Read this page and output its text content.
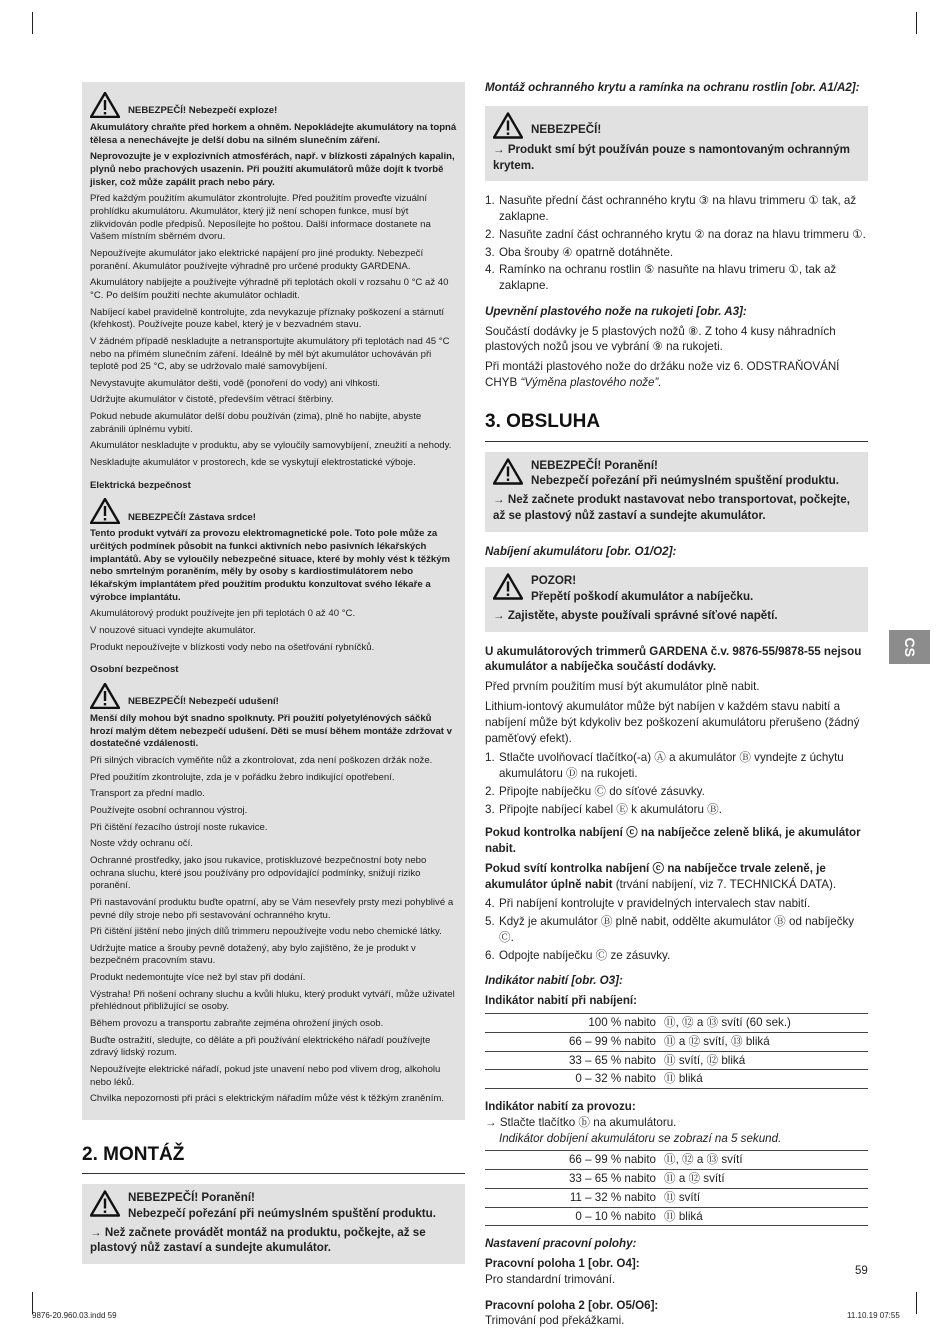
NEBEZPEČÍ! Nebezpečí exploze!

Akumulátory chraňte před horkem a ohněm. Nepokládejte akumulátory na topná tělesa a nenechávejte je delší dobu na silném slunečním záření.

Neprovozujte je v explozivních atmosférách, např. v blízkosti zápalných kapalin, plynů nebo prachových usazenin. Při použití akumulátorů může dojít k tvorbě jisker, což může zapálit prach nebo páry.

Před každým použitím akumulátor zkontrolujte. Před použitím proveďte vizuální prohlídku akumulátoru. Akumulátor, který již není schopen funkce, musí být zlikvidován podle předpisů. Neposílejte ho poštou. Další informace dostanete na Vašem místním sběrném dvoru.

Nepoužívejte akumulátor jako elektrické napájení pro jiné produkty. Nebezpečí poranění. Akumulátor používejte výhradně pro určené produkty GARDENA.

Akumulátory nabíjejte a používejte výhradně při teplotách okolí v rozsahu 0 °C až 40 °C. Po delším použití nechte akumulátor ochladit.

Nabíjecí kabel pravidelně kontrolujte, zda nevykazuje příznaky poškození a stárnutí (křehkost). Používejte pouze kabel, který je v bezvadném stavu.

V žádném případě neskladujte a netransportujte akumulátory při teplotách nad 45 °C nebo na přímém slunečním záření. Ideálně by měl být akumulátor uchováván při teplotě pod 25 °C, aby se udržovalo malé samovybíjení.

Nevystavujte akumulátor dešti, vodě (ponoření do vody) ani vlhkosti.

Udržujte akumulátor v čistotě, především větrací štěrbiny.

Pokud nebude akumulátor delší dobu používán (zima), plně ho nabijte, abyste zabránili úplnému vybití.

Akumulátor neskladujte v produktu, aby se vyloučily samovybíjení, zneužití a nehody.

Neskladujte akumulátor v prostorech, kde se vyskytují elektrostatické výboje.

Elektrická bezpečnost

NEBEZPEČÍ! Zástava srdce!

Tento produkt vytváří za provozu elektromagnetické pole. Toto pole může za určitých podmínek působit na funkci aktivních nebo pasivních lékařských implantátů. Aby se vyloučily nebezpečné situace, které by mohly vést k těžkým nebo smrtelným poraněním, měly by osoby s kardiostimulátorem nebo lékařským implantátem před použitím produktu konzultovat svého lékaře a výrobce implantátu.

Akumulátorový produkt používejte jen při teplotách 0 až 40 °C.

V nouzové situaci vyndejte akumulátor.

Produkt nepoužívejte v blízkosti vody nebo na ošetřování rybníčků.

Osobní bezpečnost

NEBEZPEČÍ! Nebezpečí udušení!

Menší díly mohou být snadno spolknuty. Při použití polyetylénových sáčků hrozí malým dětem nebezpečí udušení. Děti se musí během montáže zdržovat v dostatečné vzdálenosti.

Při silných vibracích vyměňte nůž a zkontrolovat, zda není poškozen držák nože.

Před použitím zkontrolujte, zda je v pořádku žebro indikující opotřebení.

Transport za přední madlo.

Používejte osobní ochrannou výstroj.

Při čištění řezacího ústrojí noste rukavice.

Noste vždy ochranu očí.

Ochranné prostředky, jako jsou rukavice, protiskluzové bezpečnostní boty nebo ochrana sluchu, které jsou používány pro odpovídající podmínky, snižují riziko poranění.

Při nastavování produktu buďte opatrní, aby se Vám nesevřely prsty mezi pohyblivé a pevné díly stroje nebo při sestavování ochranného krytu.

Při čištění jištění nebo jiných dílů trimmeru nepoužívejte vodu nebo chemické látky.

Udržujte matice a šrouby pevně dotažený, aby bylo zajištěno, že je produkt v bezpečném pracovním stavu.

Produkt nedemontujte více než byl stav při dodání.

Výstraha! Při nošení ochrany sluchu a kvůli hluku, který produkt vytváří, může uživatel přehlédnout přibližující se osoby.

Během provozu a transportu zabraňte zejména ohrožení jiných osob.

Buďte ostražití, sledujte, co děláte a při používání elektrického nářadí používejte zdravý lidský rozum.

Nepoužívejte elektrické nářadí, pokud jste unavení nebo pod vlivem drog, alkoholu nebo léků.

Chvilka nepozornosti při práci s elektrickým nářadím může vést k těžkým zraněním.

2. MONTÁŽ
NEBEZPEČÍ! Poranění!
Nebezpečí pořezání při neúmyslném spuštění produktu.
→ Než začnete provádět montáž na produktu, počkejte, až se plastový nůž zastaví a sundejte akumulátor.
Montáž ochranného krytu a ramínka na ochranu rostlin [obr. A1/A2]:
NEBEZPEČÍ!
→ Produkt smí být používán pouze s namontovaným ochranným krytem.
1. Nasuňte přední část ochranného krytu ③ na hlavu trimmeru ① tak, až zaklapne.
2. Nasuňte zadní část ochranného krytu ② na doraz na hlavu trimmeru ①.
3. Oba šrouby ④ opatrně dotáhněte.
4. Ramínko na ochranu rostlin ⑤ nasuňte na hlavu trimeru ①, tak až zaklapne.
Upevnění plastového nože na rukojeti [obr. A3]:

Součástí dodávky je 5 plastových nožů ⑧. Z toho 4 kusy náhradních plastových nožů jsou ve vybrání ⑨ na rukojeti.

Při montáži plastového nože do držáku nože viz 6. ODSTRAŇOVÁNÍ CHYB “Výměna plastového nože”.

3. OBSLUHA
NEBEZPEČÍ! Poranění!
Nebezpečí pořezání při neúmyslném spuštění produktu.
→ Než začnete produkt nastavovat nebo transportovat, počkejte, až se plastový nůž zastaví a sundejte akumulátor.
Nabíjení akumulátoru [obr. O1/O2]:
POZOR!
Přepětí poškodí akumulátor a nabíječku.
→ Zajistěte, abyste používali správné síťové napětí.

U akumulátorových trimmerů GARDENA č.v. 9876-55/9878-55 nejsou akumulátor a nabíječka součástí dodávky.

Před prvním použitím musí být akumulátor plně nabit.

Lithium-iontový akumulátor může být nabíjen v každém stavu nabití a nabíjení může být kdykoliv bez poškození akumulátoru přerušeno (žádný paměťový efekt).

1. Stlačte uvolňovací tlačítko(-a) Ⓐ a akumulátor Ⓑ vyndejte z úchytu akumulátoru Ⓓ na rukojeti.
2. Připojte nabíječku Ⓒ do síťové zásuvky.
3. Připojte nabíjecí kabel Ⓔ k akumulátoru Ⓑ.

Pokud kontrolka nabíjení ⓒ na nabíječce zeleně bliká, je akumulátor nabit.

Pokud svítí kontrolka nabíjení ⓒ na nabíječce trvale zeleně, je akumulátor úplně nabit (trvání nabíjení, viz 7. TECHNICKÁ DATA).

4. Při nabíjení kontrolujte v pravidelných intervalech stav nabití.
5. Když je akumulátor Ⓑ plně nabit, oddělte akumulátor Ⓑ od nabíječky Ⓒ.
6. Odpojte nabíječku Ⓒ ze zásuvky.
Indikátor nabití [obr. O3]:
Indikátor nabití při nabíjení:
100 % nabito	⑪, ⑫ a ⑬ svítí (60 sek.)
66 – 99 % nabito	⑪ a ⑫ svítí, ⑬ bliká
33 – 65 % nabito	⑪ svítí, ⑫ bliká
0 – 32 % nabito	⑪ bliká
Indikátor nabití za provozu:
→ Stlačte tlačítko ⓑ na akumulátoru.
Indikátor dobíjení akumulátoru se zobrazí na 5 sekund.
66 – 99 % nabito	⑪, ⑫ a ⑬ svítí
33 – 65 % nabito	⑪ a ⑫ svítí
11 – 32 % nabito	⑪ svítí
0 – 10 % nabito	⑪ bliká
Nastavení pracovní polohy:
Pracovní poloha 1 [obr. O4]:

Pro standardní trimování.

Pracovní poloha 2 [obr. O5/O6]:

Trimování pod překážkami.

CS
59
9876-20.960.03.indd 59	11.10.19 07:55
